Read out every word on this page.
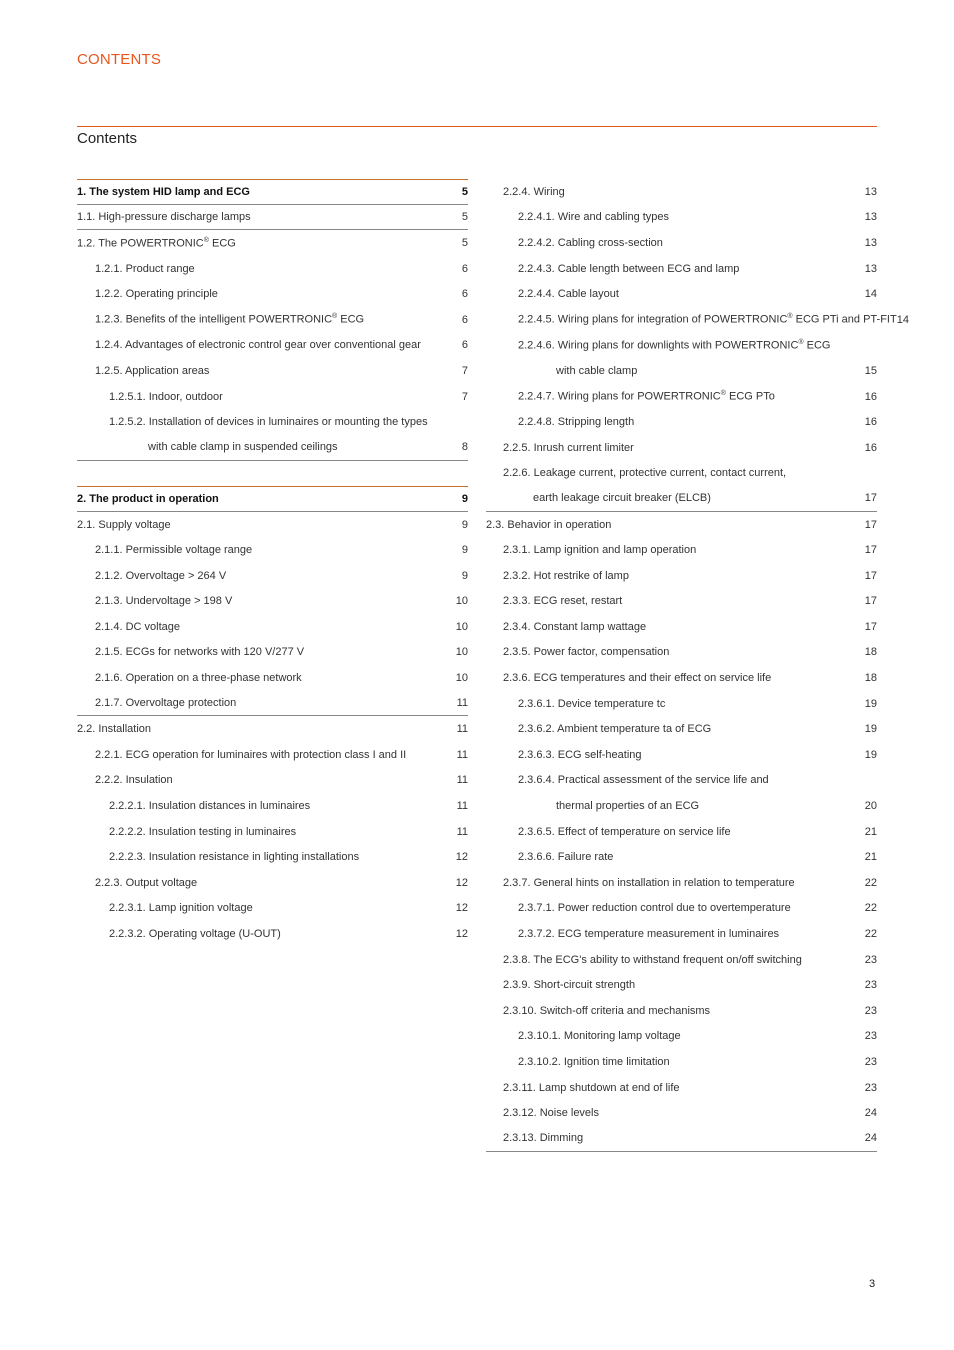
CONTENTS
Contents
1. The system HID lamp and ECG	5
1.1. High-pressure discharge lamps	5
1.2. The POWERTRONIC® ECG	5
1.2.1. Product range	6
1.2.2. Operating principle	6
1.2.3. Benefits of the intelligent POWERTRONIC® ECG	6
1.2.4. Advantages of electronic control gear over conventional gear	6
1.2.5. Application areas	7
1.2.5.1. Indoor, outdoor	7
1.2.5.2. Installation of devices in luminaires or mounting the types
with cable clamp in suspended ceilings	8
2. The product in operation	9
2.1. Supply voltage	9
2.1.1. Permissible voltage range	9
2.1.2. Overvoltage > 264 V	9
2.1.3. Undervoltage > 198 V	10
2.1.4. DC voltage	10
2.1.5. ECGs for networks with 120 V/277 V	10
2.1.6. Operation on a three-phase network	10
2.1.7. Overvoltage protection	11
2.2. Installation	11
2.2.1. ECG operation for luminaires with protection class I and II	11
2.2.2. Insulation	11
2.2.2.1. Insulation distances in luminaires	11
2.2.2.2. Insulation testing in luminaires	11
2.2.2.3. Insulation resistance in lighting installations	12
2.2.3. Output voltage	12
2.2.3.1. Lamp ignition voltage	12
2.2.3.2. Operating voltage (U-OUT)	12
2.2.4. Wiring	13
2.2.4.1. Wire and cabling types	13
2.2.4.2. Cabling cross-section	13
2.2.4.3. Cable length between ECG and lamp	13
2.2.4.4. Cable layout	14
2.2.4.5. Wiring plans for integration of POWERTRONIC® ECG PTi and PT-FIT 14
2.2.4.6. Wiring plans for downlights with POWERTRONIC® ECG
with cable clamp	15
2.2.4.7. Wiring plans for POWERTRONIC® ECG PTo	16
2.2.4.8. Stripping length	16
2.2.5. Inrush current limiter	16
2.2.6. Leakage current, protective current, contact current,
earth leakage circuit breaker (ELCB)	17
2.3. Behavior in operation	17
2.3.1. Lamp ignition and lamp operation	17
2.3.2. Hot restrike of lamp	17
2.3.3. ECG reset, restart	17
2.3.4. Constant lamp wattage	17
2.3.5. Power factor, compensation	18
2.3.6. ECG temperatures and their effect on service life	18
2.3.6.1. Device temperature tc	19
2.3.6.2. Ambient temperature ta of ECG	19
2.3.6.3. ECG self-heating	19
2.3.6.4. Practical assessment of the service life and
thermal properties of an ECG	20
2.3.6.5. Effect of temperature on service life	21
2.3.6.6. Failure rate	21
2.3.7. General hints on installation in relation to temperature	22
2.3.7.1. Power reduction control due to overtemperature	22
2.3.7.2. ECG temperature measurement in luminaires	22
2.3.8. The ECG's ability to withstand frequent on/off switching	23
2.3.9. Short-circuit strength	23
2.3.10. Switch-off criteria and mechanisms	23
2.3.10.1. Monitoring lamp voltage	23
2.3.10.2. Ignition time limitation	23
2.3.11. Lamp shutdown at end of life	23
2.3.12. Noise levels	24
2.3.13. Dimming	24
3
